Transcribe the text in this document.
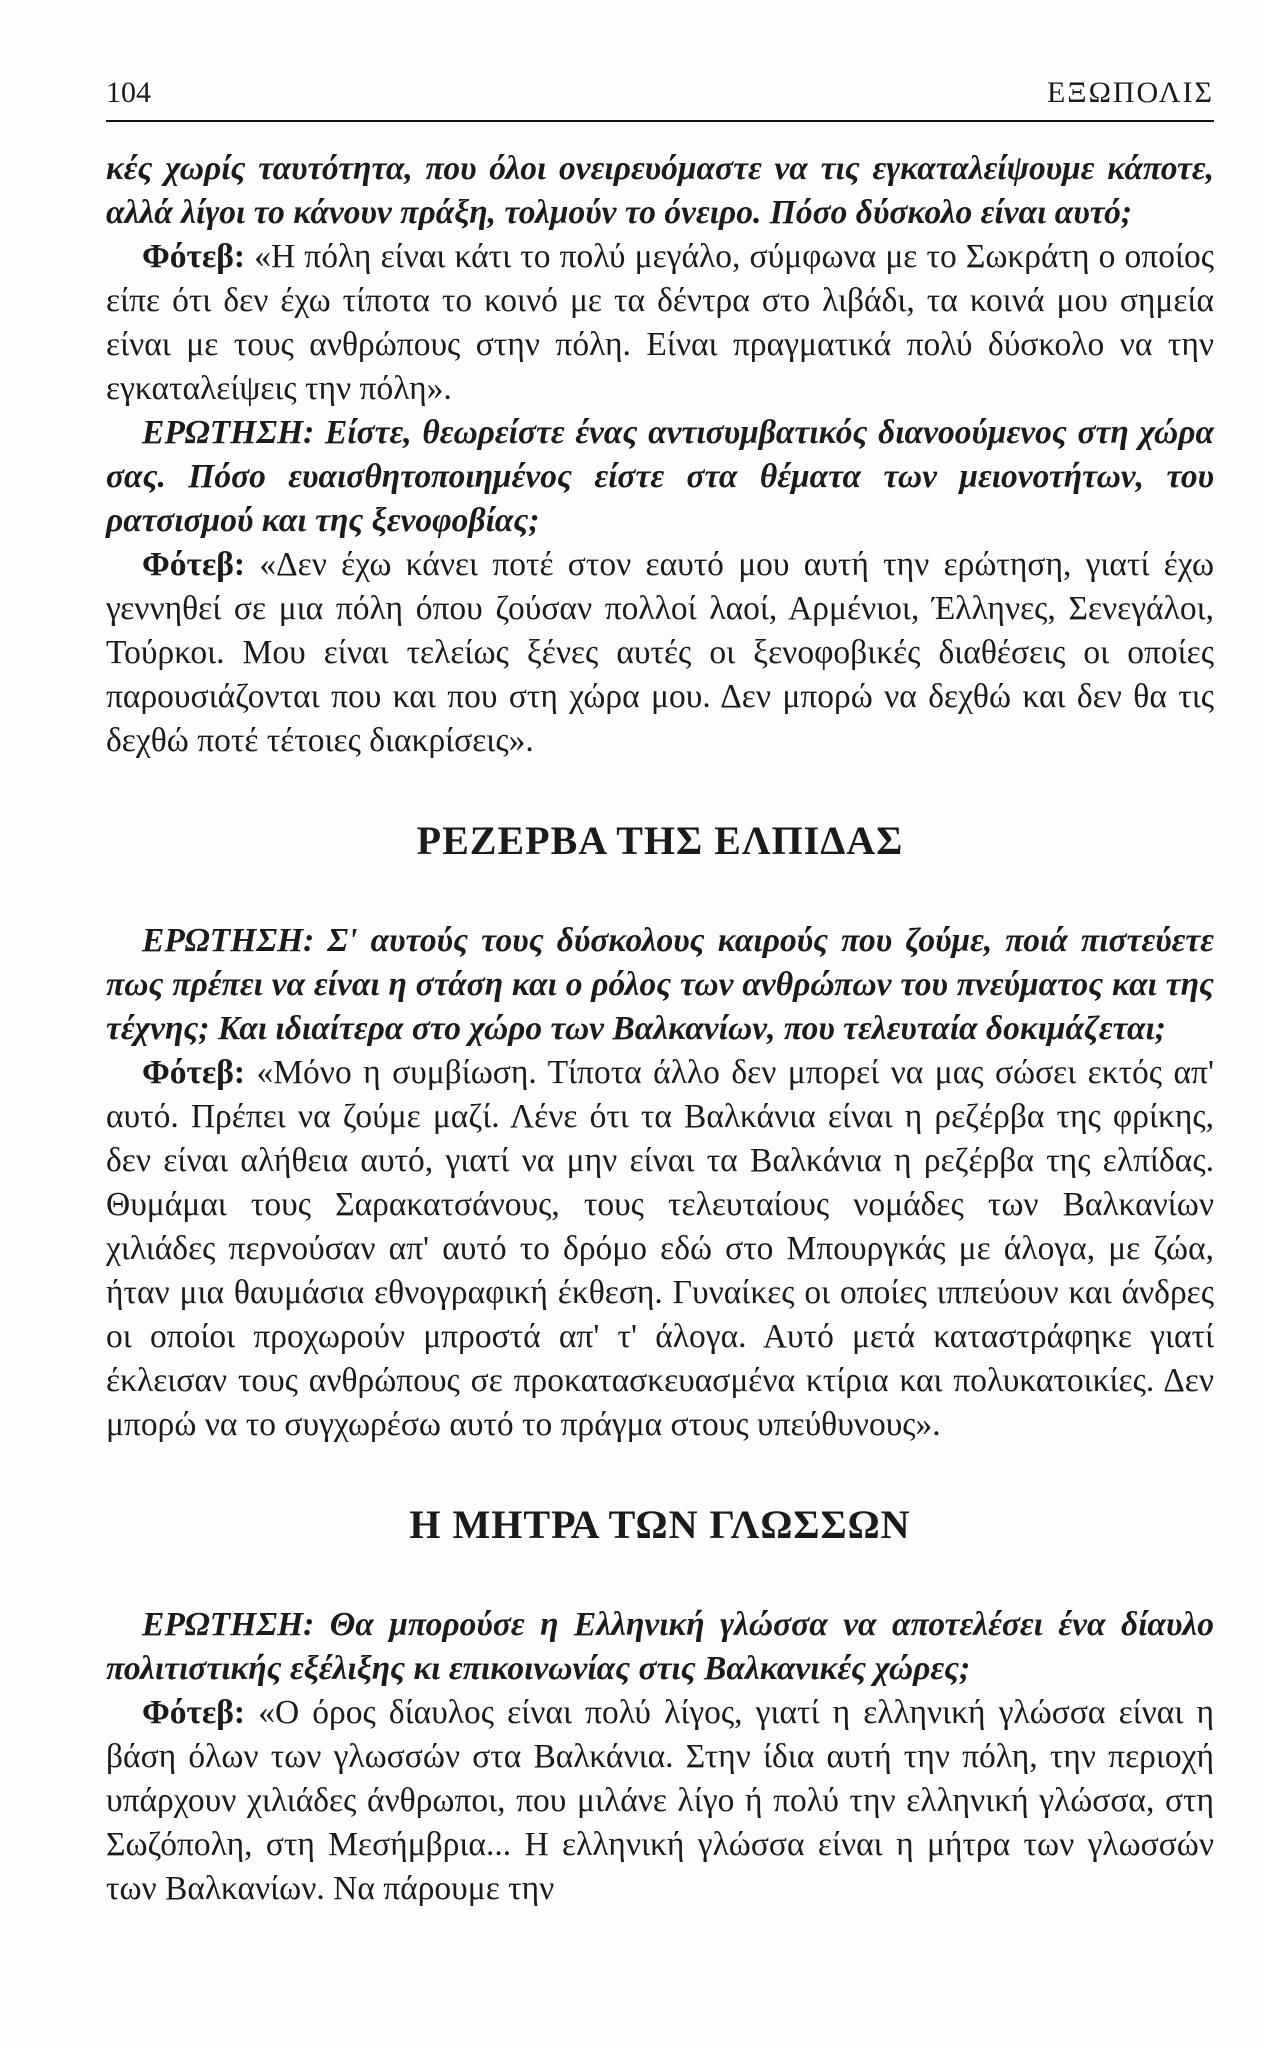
104	ΕΞΩΠΟΛΙΣ

κές χωρίς ταυτότητα, που όλοι ονειρευόμαστε να τις εγκαταλείψουμε κάποτε, αλλά λίγοι το κάνουν πράξη, τολμούν το όνειρο. Πόσο δύσκολο είναι αυτό;

Φότεβ: «Η πόλη είναι κάτι το πολύ μεγάλο, σύμφωνα με το Σωκράτη ο οποίος είπε ότι δεν έχω τίποτα το κοινό με τα δέντρα στο λιβάδι, τα κοινά μου σημεία είναι με τους ανθρώπους στην πόλη. Είναι πραγματικά πολύ δύσκολο να την εγκαταλείψεις την πόλη».

ΕΡΩΤΗΣΗ: Είστε, θεωρείστε ένας αντισυμβατικός διανοούμενος στη χώρα σας. Πόσο ευαισθητοποιημένος είστε στα θέματα των μειονοτήτων, του ρατσισμού και της ξενοφοβίας;

Φότεβ: «Δεν έχω κάνει ποτέ στον εαυτό μου αυτή την ερώτηση, γιατί έχω γεννηθεί σε μια πόλη όπου ζούσαν πολλοί λαοί, Αρμένιοι, Έλληνες, Σενεγάλοι, Τούρκοι. Μου είναι τελείως ξένες αυτές οι ξενοφοβικές διαθέσεις οι οποίες παρουσιάζονται που και που στη χώρα μου. Δεν μπορώ να δεχθώ και δεν θα τις δεχθώ ποτέ τέτοιες διακρίσεις».

ΡΕΖΕΡΒΑ ΤΗΣ ΕΛΠΙΔΑΣ

ΕΡΩΤΗΣΗ: Σ' αυτούς τους δύσκολους καιρούς που ζούμε, ποιά πιστεύετε πως πρέπει να είναι η στάση και ο ρόλος των ανθρώπων του πνεύματος και της τέχνης; Και ιδιαίτερα στο χώρο των Βαλκανίων, που τελευταία δοκιμάζεται;

Φότεβ: «Μόνο η συμβίωση. Τίποτα άλλο δεν μπορεί να μας σώσει εκτός απ' αυτό. Πρέπει να ζούμε μαζί. Λένε ότι τα Βαλκάνια είναι η ρεζέρβα της φρίκης, δεν είναι αλήθεια αυτό, γιατί να μην είναι τα Βαλκάνια η ρεζέρβα της ελπίδας. Θυμάμαι τους Σαρακατσάνους, τους τελευταίους νομάδες των Βαλκανίων χιλιάδες περνούσαν απ' αυτό το δρόμο εδώ στο Μπουργκάς με άλογα, με ζώα, ήταν μια θαυμάσια εθνογραφική έκθεση. Γυναίκες οι οποίες ιππεύουν και άνδρες οι οποίοι προχωρούν μπροστά απ' τ' άλογα. Αυτό μετά καταστράφηκε γιατί έκλεισαν τους ανθρώπους σε προκατασκευασμένα κτίρια και πολυκατοικίες. Δεν μπορώ να το συγχωρέσω αυτό το πράγμα στους υπεύθυνους».

Η ΜΗΤΡΑ ΤΩΝ ΓΛΩΣΣΩΝ

ΕΡΩΤΗΣΗ: Θα μπορούσε η Ελληνική γλώσσα να αποτελέσει ένα δίαυλο πολιτιστικής εξέλιξης κι επικοινωνίας στις Βαλκανικές χώρες;

Φότεβ: «Ο όρος δίαυλος είναι πολύ λίγος, γιατί η ελληνική γλώσσα είναι η βάση όλων των γλωσσών στα Βαλκάνια. Στην ίδια αυτή την πόλη, την περιοχή υπάρχουν χιλιάδες άνθρωποι, που μιλάνε λίγο ή πολύ την ελληνική γλώσσα, στη Σωζόπολη, στη Μεσήμβρια... Η ελληνική γλώσσα είναι η μήτρα των γλωσσών των Βαλκανίων. Να πάρουμε την
